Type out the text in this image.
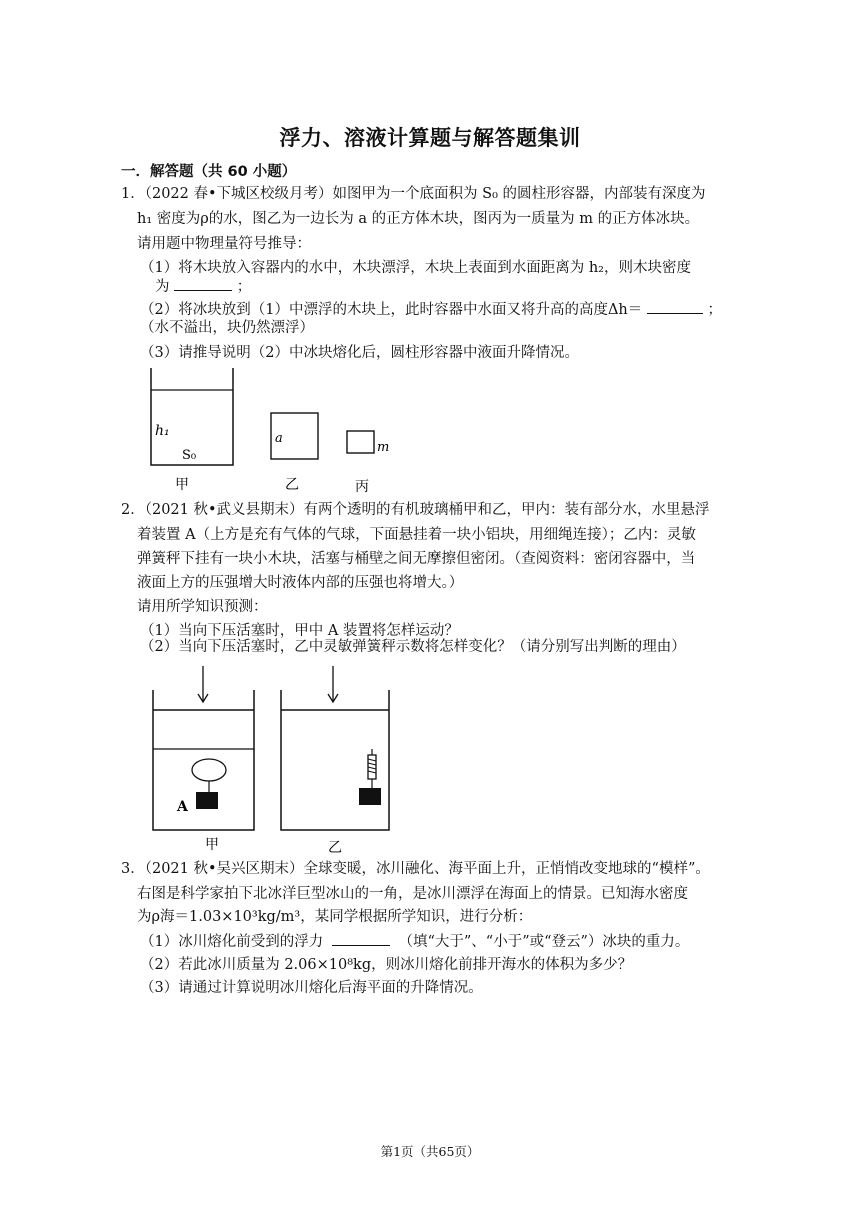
浮力、溶液计算题与解答题集训
一．解答题（共 60 小题）
1．（2022 春•下城区校级月考）如图甲为一个底面积为 S₀ 的圆柱形容器，内部装有深度为
h₁ 密度为ρ的水，图乙为一边长为 a 的正方体木块，图丙为一质量为 m 的正方体冰块。
请用题中物理量符号推导：
（1）将木块放入容器内的水中，木块漂浮，木块上表面到水面距离为 h₂，则木块密度
为	；
（2）将冰块放到（1）中漂浮的木块上，此时容器中水面又将升高的高度Δh＝	；
（水不溢出，块仍然漂浮）
（3）请推导说明（2）中冰块熔化后，圆柱形容器中液面升降情况。
h₁
S₀
a
m
甲	乙	丙
2．（2021 秋•武义县期末）有两个透明的有机玻璃桶甲和乙，甲内：装有部分水，水里悬浮
着装置 A（上方是充有气体的气球，下面悬挂着一块小铝块，用细绳连接）；乙内：灵敏
弹簧秤下挂有一块小木块，活塞与桶壁之间无摩擦但密闭。（查阅资料：密闭容器中，当
液面上方的压强增大时液体内部的压强也将增大。）
请用所学知识预测：
（1）当向下压活塞时，甲中 A 装置将怎样运动？
（2）当向下压活塞时，乙中灵敏弹簧秤示数将怎样变化？（请分别写出判断的理由）
A
甲	乙
3．（2021 秋•吴兴区期末）全球变暖，冰川融化、海平面上升，正悄悄改变地球的“模样”。
右图是科学家拍下北冰洋巨型冰山的一角，是冰川漂浮在海面上的情景。已知海水密度
为ρ海＝1.03×10³kg/m³，某同学根据所学知识，进行分析：
（1）冰川熔化前受到的浮力	（填“大于”、“小于”或“登云”）冰块的重力。
（2）若此冰川质量为 2.06×10⁸kg，则冰川熔化前排开海水的体积为多少？
（3）请通过计算说明冰川熔化后海平面的升降情况。
第1页（共65页）
